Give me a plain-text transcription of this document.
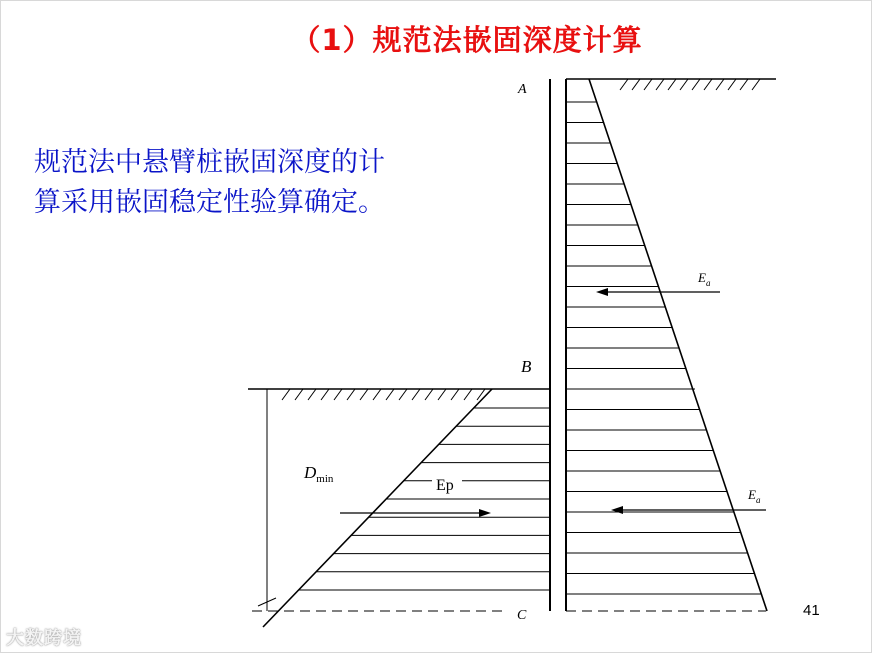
（1）规范法嵌固深度计算
规范法中悬臂桩嵌固深度的计
算采用嵌固稳定性验算确定。
A
B
C
$D_{min}$
$E_a$
$E_a$
Ep
41
大数跨境
